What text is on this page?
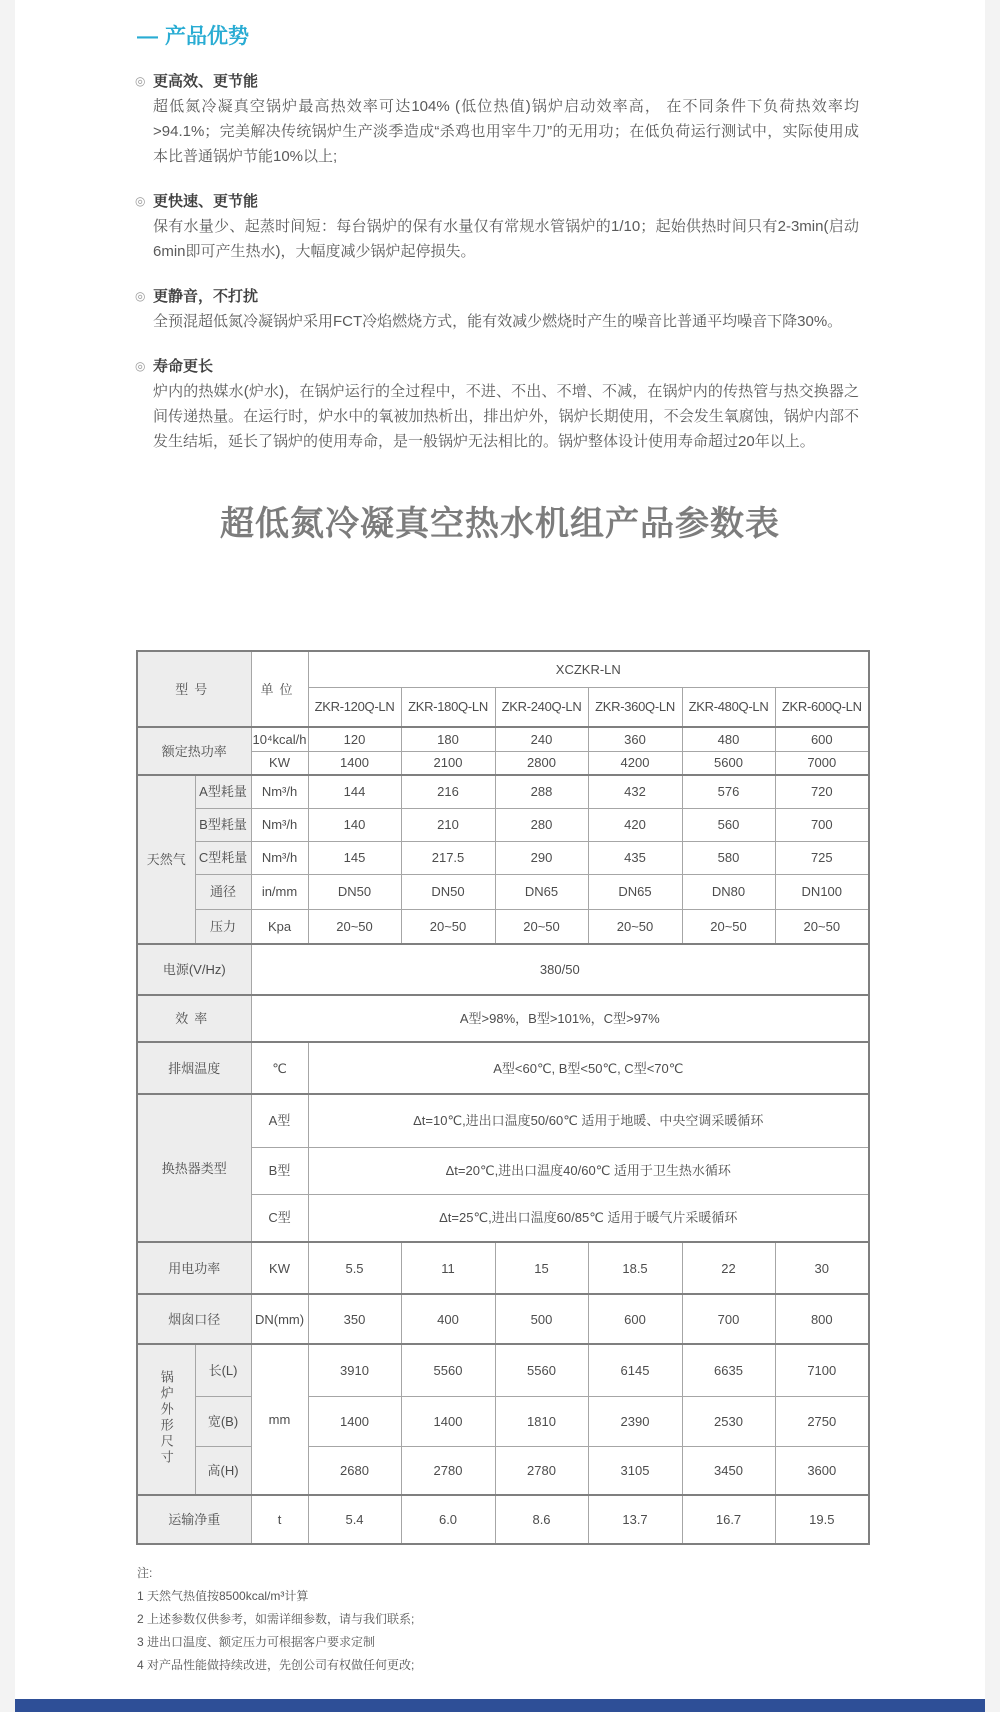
— 产品优势
◎ 更高效、更节能
超低氮冷凝真空锅炉最高热效率可达104% (低位热值)锅炉启动效率高， 在不同条件下负荷热效率均>94.1%；完美解决传统锅炉生产淡季造成“杀鸡也用宰牛刀”的无用功；在低负荷运行测试中，实际使用成本比普通锅炉节能10%以上;
◎ 更快速、更节能
保有水量少、起蒸时间短：每台锅炉的保有水量仅有常规水管锅炉的1/10；起始供热时间只有2-3min(启动6min即可产生热水)，大幅度减少锅炉起停损失。
◎ 更静音，不打扰
全预混超低氮冷凝锅炉采用FCT冷焰燃烧方式，能有效减少燃烧时产生的噪音比普通平均噪音下降30%。
◎ 寿命更长
炉内的热媒水(炉水)，在锅炉运行的全过程中，不进、不出、不增、不减，在锅炉内的传热管与热交换器之间传递热量。在运行时，炉水中的氧被加热析出，排出炉外，锅炉长期使用，不会发生氧腐蚀，锅炉内部不发生结垢，延长了锅炉的使用寿命，是一般锅炉无法相比的。锅炉整体设计使用寿命超过20年以上。
超低氮冷凝真空热水机组产品参数表
型号		单位	XCZKR-LN					
			ZKR-120Q-LN	ZKR-180Q-LN	ZKR-240Q-LN	ZKR-360Q-LN	ZKR-480Q-LN	ZKR-600Q-LN
额定热功率		10⁴kcal/h	120	180	240	360	480	600
		KW	1400	2100	2800	4200	5600	7000
天然气	A型耗量	Nm³/h	144	216	288	432	576	720
	B型耗量	Nm³/h	140	210	280	420	560	700
	C型耗量	Nm³/h	145	217.5	290	435	580	725
	通径	in/mm	DN50	DN50	DN65	DN65	DN80	DN100
	压力	Kpa	20~50	20~50	20~50	20~50	20~50	20~50
电源(V/Hz)		380/50						
效率		A型>98%，B型>101%，C型>97%						
排烟温度		℃	A型<60℃, B型<50℃, C型<70℃					
换热器类型		A型	Δt=10℃,进出口温度50/60℃ 适用于地暖、中央空调采暖循环					
		B型	Δt=20℃,进出口温度40/60℃ 适用于卫生热水循环					
		C型	Δt=25℃,进出口温度60/85℃ 适用于暖气片采暖循环					
用电功率		KW	5.5	11	15	18.5	22	30
烟囱口径		DN(mm)	350	400	500	600	700	800
锅炉外形尺寸	长(L)	mm	3910	5560	5560	6145	6635	7100
	宽(B)		1400	1400	1810	2390	2530	2750
	高(H)		2680	2780	2780	3105	3450	3600
运输净重		t	5.4	6.0	8.6	13.7	16.7	19.5
注:
1 天然气热值按8500kcal/m³计算
2 上述参数仅供参考，如需详细参数，请与我们联系;
3 进出口温度、额定压力可根据客户要求定制
4 对产品性能做持续改进，先创公司有权做任何更改;
